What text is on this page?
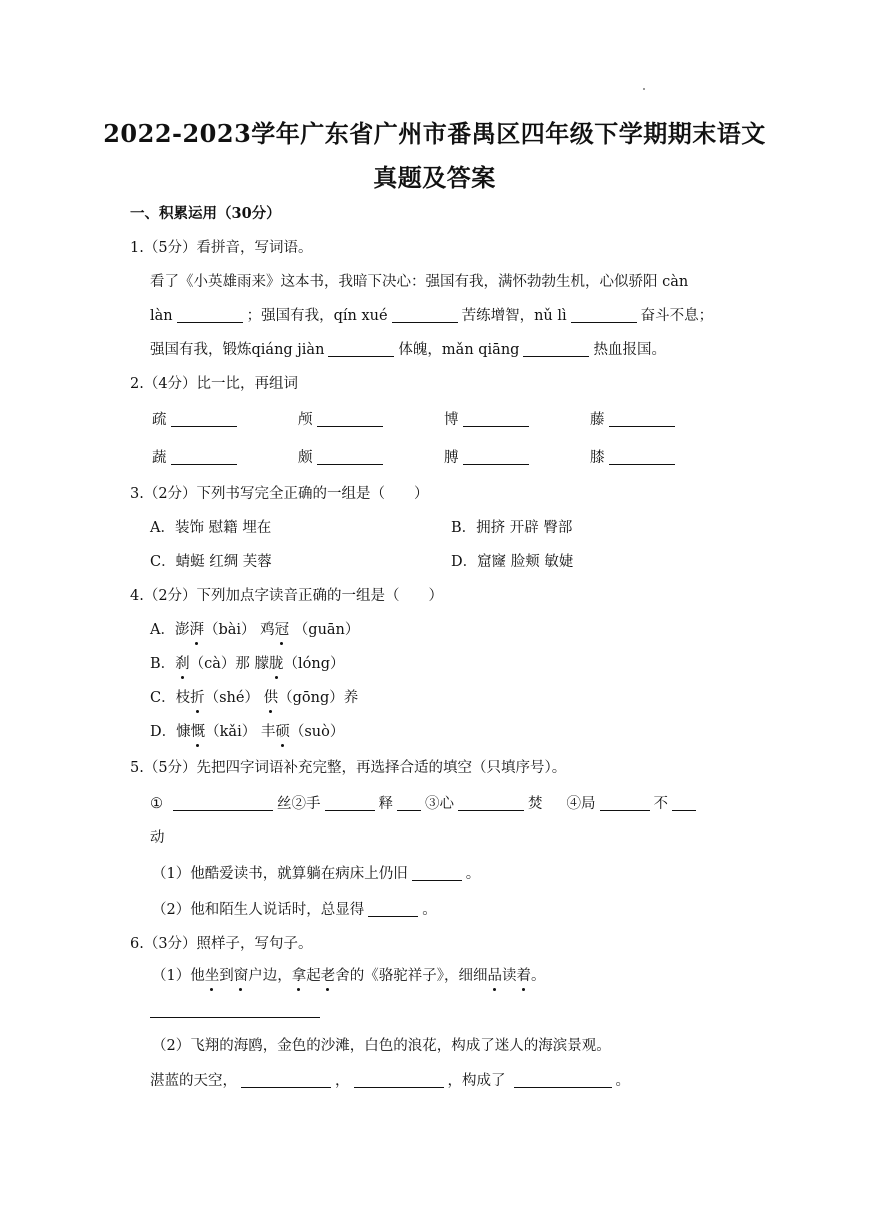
2022-2023学年广东省广州市番禺区四年级下学期期末语文
真题及答案
一、积累运用（30分）
1.（5分）看拼音，写词语。
看了《小英雄雨来》这本书，我暗下决心：强国有我，满怀勃勃生机，心似骄阳 càn
làn	；强国有我，qín xué	苦练增智，nǔ lì	奋斗不息；
强国有我，锻炼qiáng jiàn	体魄，mǎn qiāng	热血报国。
2.（4分）比一比，再组词
疏	颅	博	藤
蔬	颇	膊	膝
3.（2分）下列书写完全正确的一组是（　　）
A．装饰 慰籍 埋在	B．拥挤 开辟 臀部
C．蜻蜓 红绸 芙蓉	D．窟窿 脸颊 敏婕
4.（2分）下列加点字读音正确的一组是（　　）
A．澎湃（bài） 鸡冠 （guān）
B．刹（cà）那 朦胧（lóng）
C．枝折（shé） 供（gōng）养
D．慷慨（kǎi） 丰硕（suò）
5.（5分）先把四字词语补充完整，再选择合适的填空（只填序号）。
①	丝②手	释 ③心	焚 ④局	不
动
（1）他酷爱读书，就算躺在病床上仍旧	。
（2）他和陌生人说话时，总显得	。
6.（3分）照样子，写句子。
（1）他坐到窗户边，拿起老舍的《骆驼祥子》，细细品读着。
（2）飞翔的海鸥，金色的沙滩，白色的浪花，构成了迷人的海滨景观。
湛蓝的天空，	，	，构成了	。
